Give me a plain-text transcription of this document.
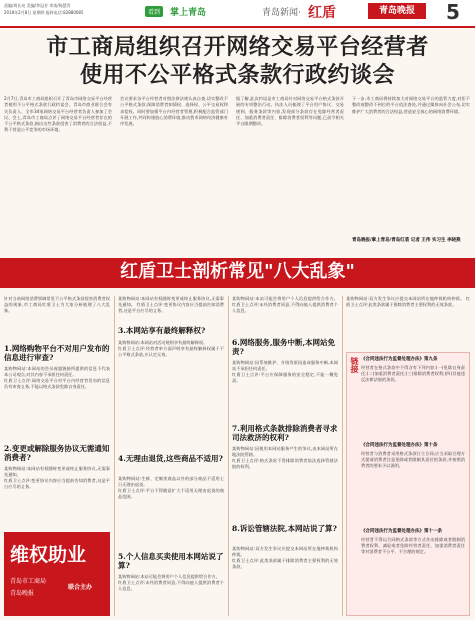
责编/周长亮 美编/李冠芳 审读/杨慧青
2018年2月8日 星期四 报料电话:82880085	看到	掌上青岛	青岛新闻· 红盾	青岛晚报	5
市工商局组织召开网络交易平台经营者
使用不公平格式条款行政约谈会
2月7日,青岛市工商局组织召开了青岛市网络交易平台经营者使用不公平格式条款行政约谈会。青岛市商业联合会有关负责人、全市34家网络交易平台经营者负责人参加了会议。会上,青岛市工商局点评了网络交易平台经营者存在的不公平格式条款,指出这些条款侵害了消费者的合法权益,不利于营造公平竞争的市场环境。
会议要求各平台经营者对照法律法规认真自查,切实整改不公平格式条款,保障消费者知情权、选择权、公平交易权和求偿权。同时要加强平台内经营者管理,积极配合监管部门开展工作,共同构建放心消费环境,推动我市网络经济健康有序发展。
据了解,此次约谈是市工商局针对网络交易平台格式条款开展的专项整治行动。执法人员梳理了平台用户协议、交易规则、服务条款等内容,发现部分条款存在免除经营者责任、加重消费者责任、排除消费者权利等问题,已责令相关平台限期整改。
下一步,市工商局将持续加大对网络交易平台的监管力度,对拒不整改或整改不到位的平台依法查处,并通过媒体向社会公布,切实维护广大消费者的合法权益,营造安全放心的网络消费环境。
青岛晚报/掌上青岛/青岛红盾 记者 王伟 实习生 李晓燕
红盾卫士剖析常见"八大乱象"
针对当前网络消费领域常见不公平格式条款侵害消费者权益的现象,市工商局红盾卫士为大家分析梳理了八大乱象。
1.网络购物平台不对用户发布的信息进行审查?
某购物网站:本网站的会员或超链接所提供的信息不代表本公司观点,对其内容不承担任何责任。
红盾卫士点评:网络交易平台对平台内经营者发布的信息负有审查义务,不能以格式条款免除自身责任。
2.变更或解除服务协议无需通知消费者?
某购物网站:本网站有权随时变更或终止服务协议,无需事先通知。
红盾卫士点评:变更协议内容应当提前告知消费者,这是平台应尽的义务。
维权助业
青岛市工商局
青岛晚报
联合主办
某购物网站:本网站有权随时变更或终止服务协议,无需事先通知。 红盾卫士点评:变更协议内容应当提前告知消费者,这是平台应尽的义务。
3.本网站享有最终解释权?
某购物网站:本网站对活动规则享有最终解释权。
红盾卫士点评:经营者单方面声明享有最终解释权属于不公平格式条款,应认定无效。
4.无理由退货,这些商品不适用?
某购物网站:生鲜、定制类商品以外的部分商品不适用七日无理由退货。
红盾卫士点评:平台不得随意扩大不适用无理由退货的商品范围。
5.个人信息买卖使用本网站说了算?
某购物网站:本站可能会将用户个人信息提供给合作方。
红盾卫士点评:未经消费者同意,不得向他人提供消费者个人信息。
某购物网站:本站可能会将用户个人信息提供给合作方。 红盾卫士点评:未经消费者同意,不得向他人提供消费者个人信息。
6.网络服务,服务中断,本网站免责?
某购物网站:因系统维护、升级等原因造成服务中断,本网站不承担任何责任。
红盾卫士点评:平台应保障服务的安全稳定,不能一概免责。
7.利用格式条款排除消费者寻求司法救济的权利?
某购物网站:因使用本网站服务产生的争议,由本网站所在地法院管辖。
红盾卫士点评:格式条款不得排除消费者依法选择管辖法院的权利。
8.诉讼管辖法院,本网站说了算?
某购物网站:双方发生争议应提交本网站所在地仲裁机构仲裁。
红盾卫士点评:此类条款属于排除消费者主要权利的无效条款。
某购物网站:双方发生争议应提交本网站所在地仲裁机构仲裁。 红盾卫士点评:此类条款属于排除消费者主要权利的无效条款。
链接 《合同违法行为监督处理办法》第九条
经营者在格式条款中不得含有下列内容:(一)免除自身责任;(二)加重消费者责任;(三)排除消费者权利;(四)其他违反法律法规的条款。
《合同违法行为监督处理办法》第十条
经营者与消费者采用格式条款订立合同,应当采取合理方式提请消费者注意免除或者限制其责任的条款,并按照消费者的要求予以说明。
《合同违法行为监督处理办法》第十一条
经营者不得以合同格式条款等方式作出排除或者限制消费者权利、减轻或者免除经营者责任、加重消费者责任等对消费者不公平、不合理的规定。
